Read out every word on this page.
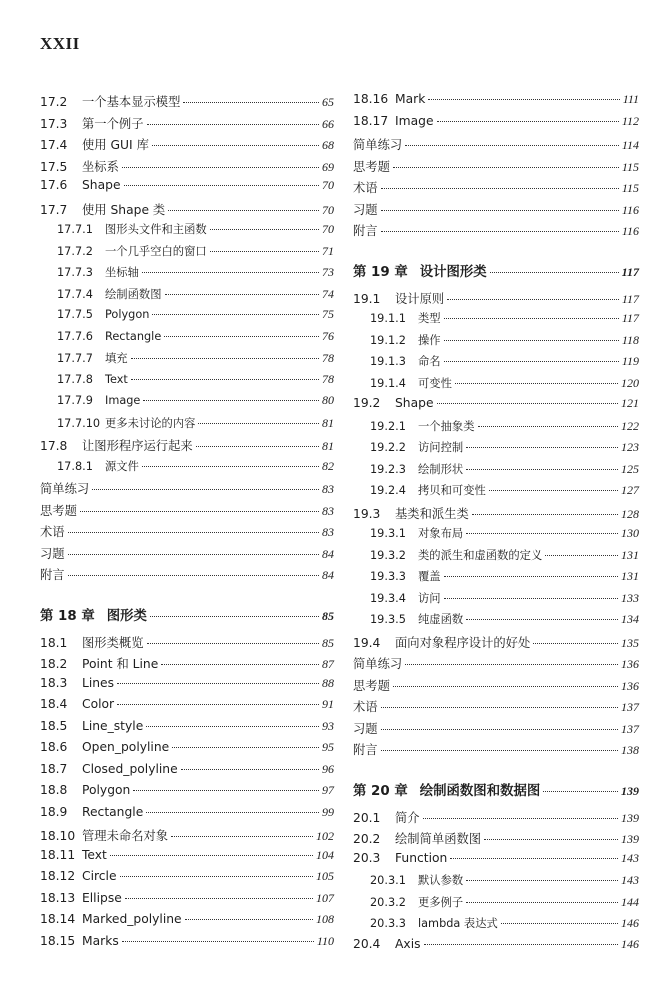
XXII
17.2	一个基本显示模型	65
17.3	第一个例子	66
17.4	使用 GUI 库	68
17.5	坐标系	69
17.6	Shape	70
17.7	使用 Shape 类	70
17.7.1	图形头文件和主函数	70
17.7.2	一个几乎空白的窗口	71
17.7.3	坐标轴	73
17.7.4	绘制函数图	74
17.7.5	Polygon	75
17.7.6	Rectangle	76
17.7.7	填充	78
17.7.8	Text	78
17.7.9	Image	80
17.7.10 更多未讨论的内容	81
17.8	让图形程序运行起来	81
17.8.1	源文件	82
简单练习	83
思考题	83
术语	83
习题	84
附言	84
第 18 章 图形类	85
18.1	图形类概览	85
18.2	Point 和 Line	87
18.3	Lines	88
18.4	Color	91
18.5	Line_style	93
18.6	Open_polyline	95
18.7	Closed_polyline	96
18.8	Polygon	97
18.9	Rectangle	99
18.10 管理未命名对象	102
18.11 Text	104
18.12 Circle	105
18.13 Ellipse	107
18.14 Marked_polyline	108
18.15 Marks	110
18.16 Mark	111
18.17 Image	112
简单练习	114
思考题	115
术语	115
习题	116
附言	116
第 19 章 设计图形类	117
19.1	设计原则	117
19.1.1	类型	117
19.1.2	操作	118
19.1.3	命名	119
19.1.4	可变性	120
19.2	Shape	121
19.2.1	一个抽象类	122
19.2.2	访问控制	123
19.2.3	绘制形状	125
19.2.4	拷贝和可变性	127
19.3	基类和派生类	128
19.3.1	对象布局	130
19.3.2	类的派生和虚函数的定义	131
19.3.3	覆盖	131
19.3.4	访问	133
19.3.5	纯虚函数	134
19.4	面向对象程序设计的好处	135
简单练习	136
思考题	136
术语	137
习题	137
附言	138
第 20 章 绘制函数图和数据图	139
20.1	简介	139
20.2	绘制简单函数图	139
20.3	Function	143
20.3.1	默认参数	143
20.3.2	更多例子	144
20.3.3	lambda 表达式	146
20.4	Axis	146
